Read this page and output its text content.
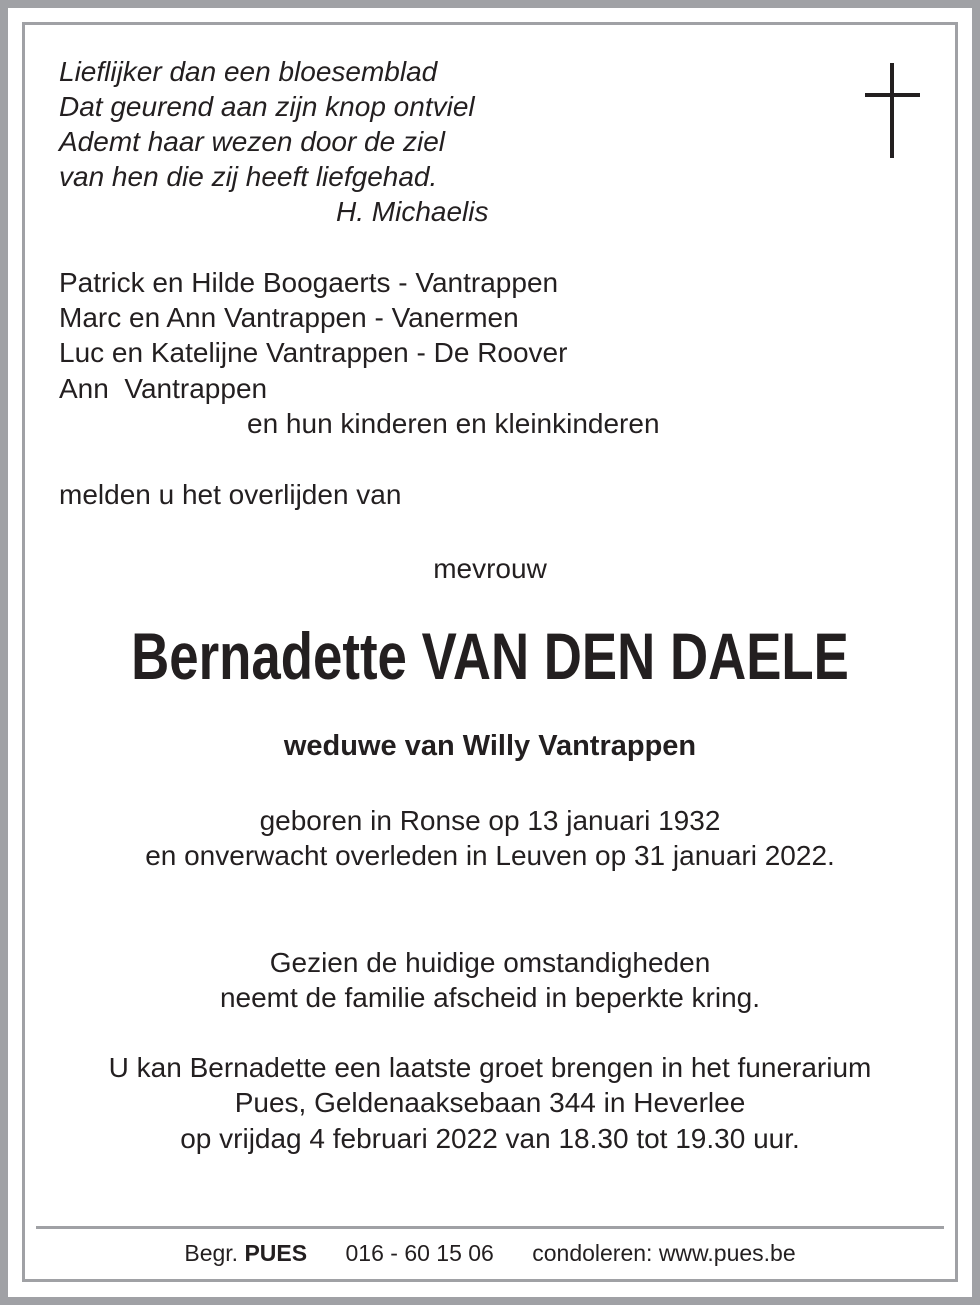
Lieflijker dan een bloesemblad
Dat geurend aan zijn knop ontviel
Ademt haar wezen door de ziel
van hen die zij heeft liefgehad.
H. Michaelis
Patrick en Hilde Boogaerts - Vantrappen
Marc en Ann Vantrappen - Vanermen
Luc en Katelijne Vantrappen - De Roover
Ann  Vantrappen
en hun kinderen en kleinkinderen
melden u het overlijden van
mevrouw
Bernadette VAN DEN DAELE
weduwe van Willy Vantrappen
geboren in Ronse op 13 januari 1932
en onverwacht overleden in Leuven op 31 januari 2022.
Gezien de huidige omstandigheden
neemt de familie afscheid in beperkte kring.
U kan Bernadette een laatste groet brengen in het funerarium
Pues, Geldenaaksebaan 344 in Heverlee
op vrijdag 4 februari 2022 van 18.30 tot 19.30 uur.
Begr. PUES 016 - 60 15 06 condoleren: www.pues.be
